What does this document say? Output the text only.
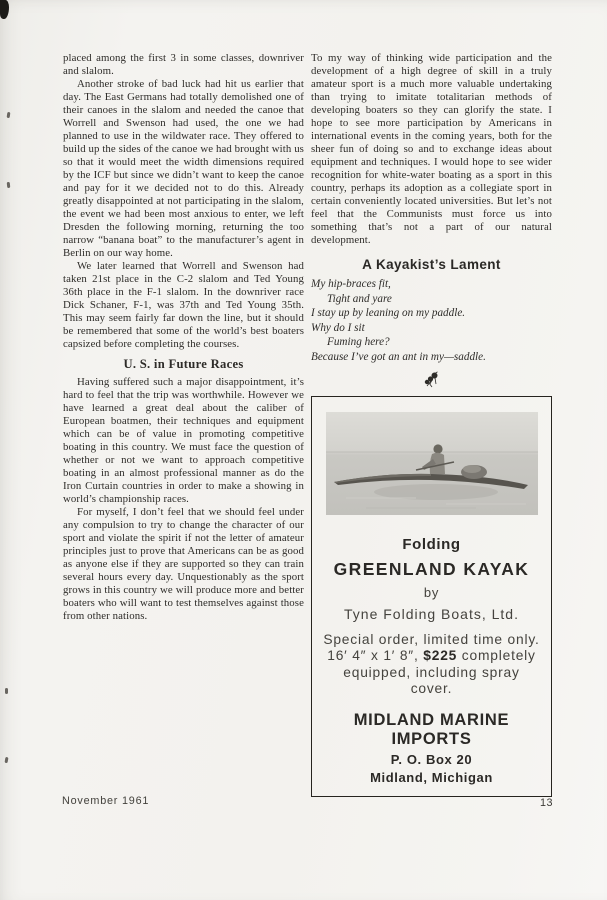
placed among the first 3 in some classes, downriver and slalom.

Another stroke of bad luck had hit us earlier that day. The East Germans had totally demolished one of their canoes in the slalom and needed the canoe that Worrell and Swenson had used, the one we had planned to use in the wildwater race. They offered to build up the sides of the canoe we had brought with us so that it would meet the width dimensions required by the ICF but since we didn’t want to keep the canoe and pay for it we decided not to do this. Already greatly disappointed at not participating in the slalom, the event we had been most anxious to enter, we left Dresden the following morning, returning the too narrow “banana boat” to the manufacturer’s agent in Berlin on our way home.

We later learned that Worrell and Swenson had taken 21st place in the C-2 slalom and Ted Young 36th place in the F-1 slalom. In the downriver race Dick Schaner, F-1, was 37th and Ted Young 35th. This may seem fairly far down the line, but it should be remembered that some of the world’s best boaters capsized before completing the courses.

U. S. in Future Races

Having suffered such a major disappointment, it’s hard to feel that the trip was worthwhile. However we have learned a great deal about the caliber of European boatmen, their techniques and equipment which can be of value in promoting competitive boating in this country. We must face the question of whether or not we want to approach competitive boating in an almost professional manner as do the Iron Curtain countries in order to make a showing in world’s championship races.

For myself, I don’t feel that we should feel under any compulsion to try to change the character of our sport and violate the spirit if not the letter of amateur principles just to prove that Americans can be as good as anyone else if they are supported so they can train several hours every day. Unquestionably as the sport grows in this country we will produce more and better boaters who will want to test themselves against those from other nations.

To my way of thinking wide participation and the development of a high degree of skill in a truly amateur sport is a much more valuable undertaking than trying to imitate totalitarian methods of developing boaters so they can glorify the state. I hope to see more participation by Americans in international events in the coming years, both for the sheer fun of doing so and to exchange ideas about equipment and techniques. I would hope to see wider recognition for white-water boating as a sport in this country, perhaps its adoption as a collegiate sport in certain conveniently located universities. But let’s not feel that the Communists must force us into something that’s not a part of our natural development.

A Kayakist’s Lament
My hip-braces fit,
Tight and yare
I stay up by leaning on my paddle.
Why do I sit
Fuming here?
Because I’ve got an ant in my—saddle.
Folding
GREENLAND KAYAK
by
Tyne Folding Boats, Ltd.
Special order, limited time only.
16′ 4″ x 1′ 8″, $225 completely
equipped, including spray cover.
MIDLAND MARINE IMPORTS
P. O. Box 20
Midland, Michigan
November 1961	13
